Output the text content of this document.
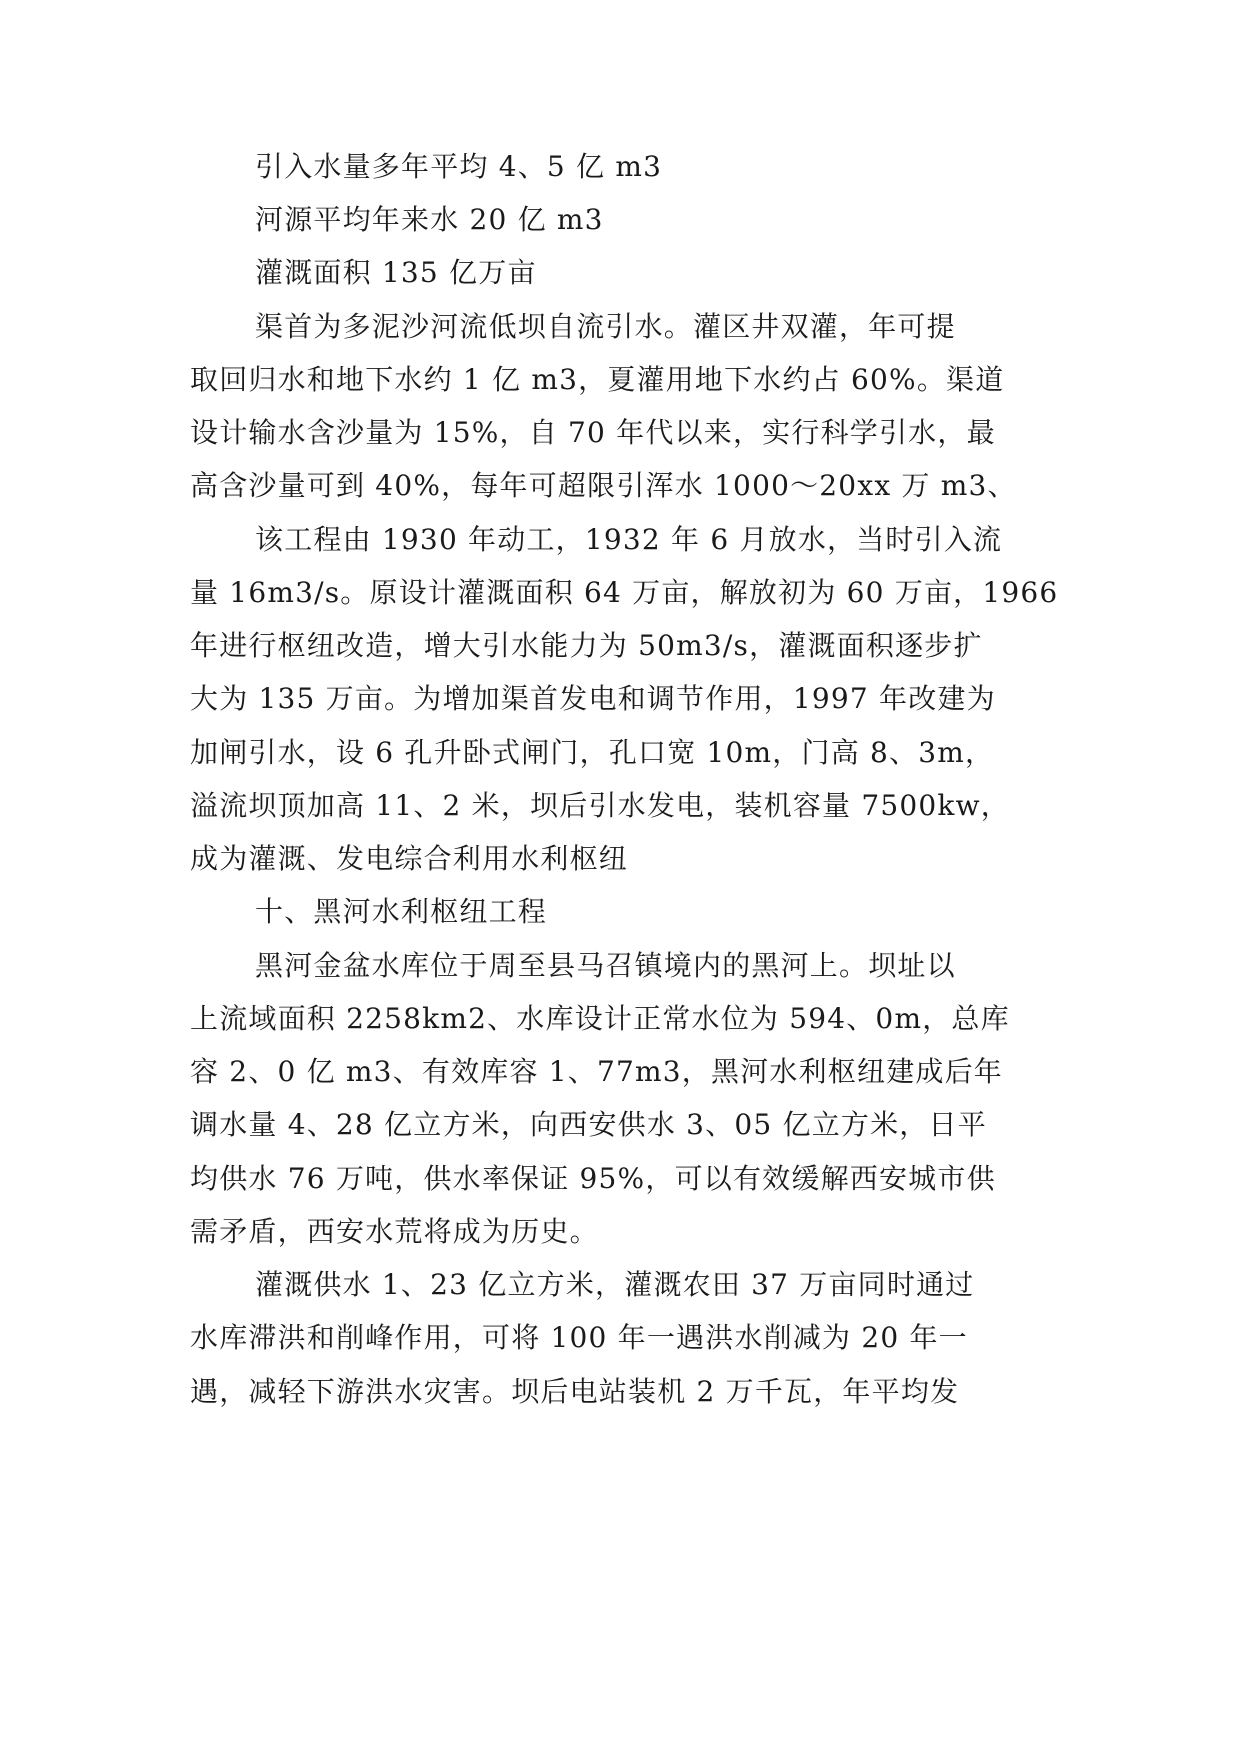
引入水量多年平均 4、5 亿 m3
河源平均年来水 20 亿 m3
灌溉面积 135 亿万亩
渠首为多泥沙河流低坝自流引水。灌区井双灌，年可提
取回归水和地下水约 1 亿 m3，夏灌用地下水约占 60%。渠道
设计输水含沙量为 15%，自 70 年代以来，实行科学引水，最
高含沙量可到 40%，每年可超限引浑水 1000～20xx 万 m3、
该工程由 1930 年动工，1932 年 6 月放水，当时引入流
量 16m3/s。原设计灌溉面积 64 万亩，解放初为 60 万亩，1966
年进行枢纽改造，增大引水能力为 50m3/s，灌溉面积逐步扩
大为 135 万亩。为增加渠首发电和调节作用，1997 年改建为
加闸引水，设 6 孔升卧式闸门，孔口宽 10m，门高 8、3m，
溢流坝顶加高 11、2 米，坝后引水发电，装机容量 7500kw，
成为灌溉、发电综合利用水利枢纽
十、黑河水利枢纽工程
黑河金盆水库位于周至县马召镇境内的黑河上。坝址以
上流域面积 2258km2、水库设计正常水位为 594、0m，总库
容 2、0 亿 m3、有效库容 1、77m3，黑河水利枢纽建成后年
调水量 4、28 亿立方米，向西安供水 3、05 亿立方米，日平
均供水 76 万吨，供水率保证 95%，可以有效缓解西安城市供
需矛盾，西安水荒将成为历史。
灌溉供水 1、23 亿立方米，灌溉农田 37 万亩同时通过
水库滞洪和削峰作用，可将 100 年一遇洪水削减为 20 年一
遇，减轻下游洪水灾害。坝后电站装机 2 万千瓦，年平均发
